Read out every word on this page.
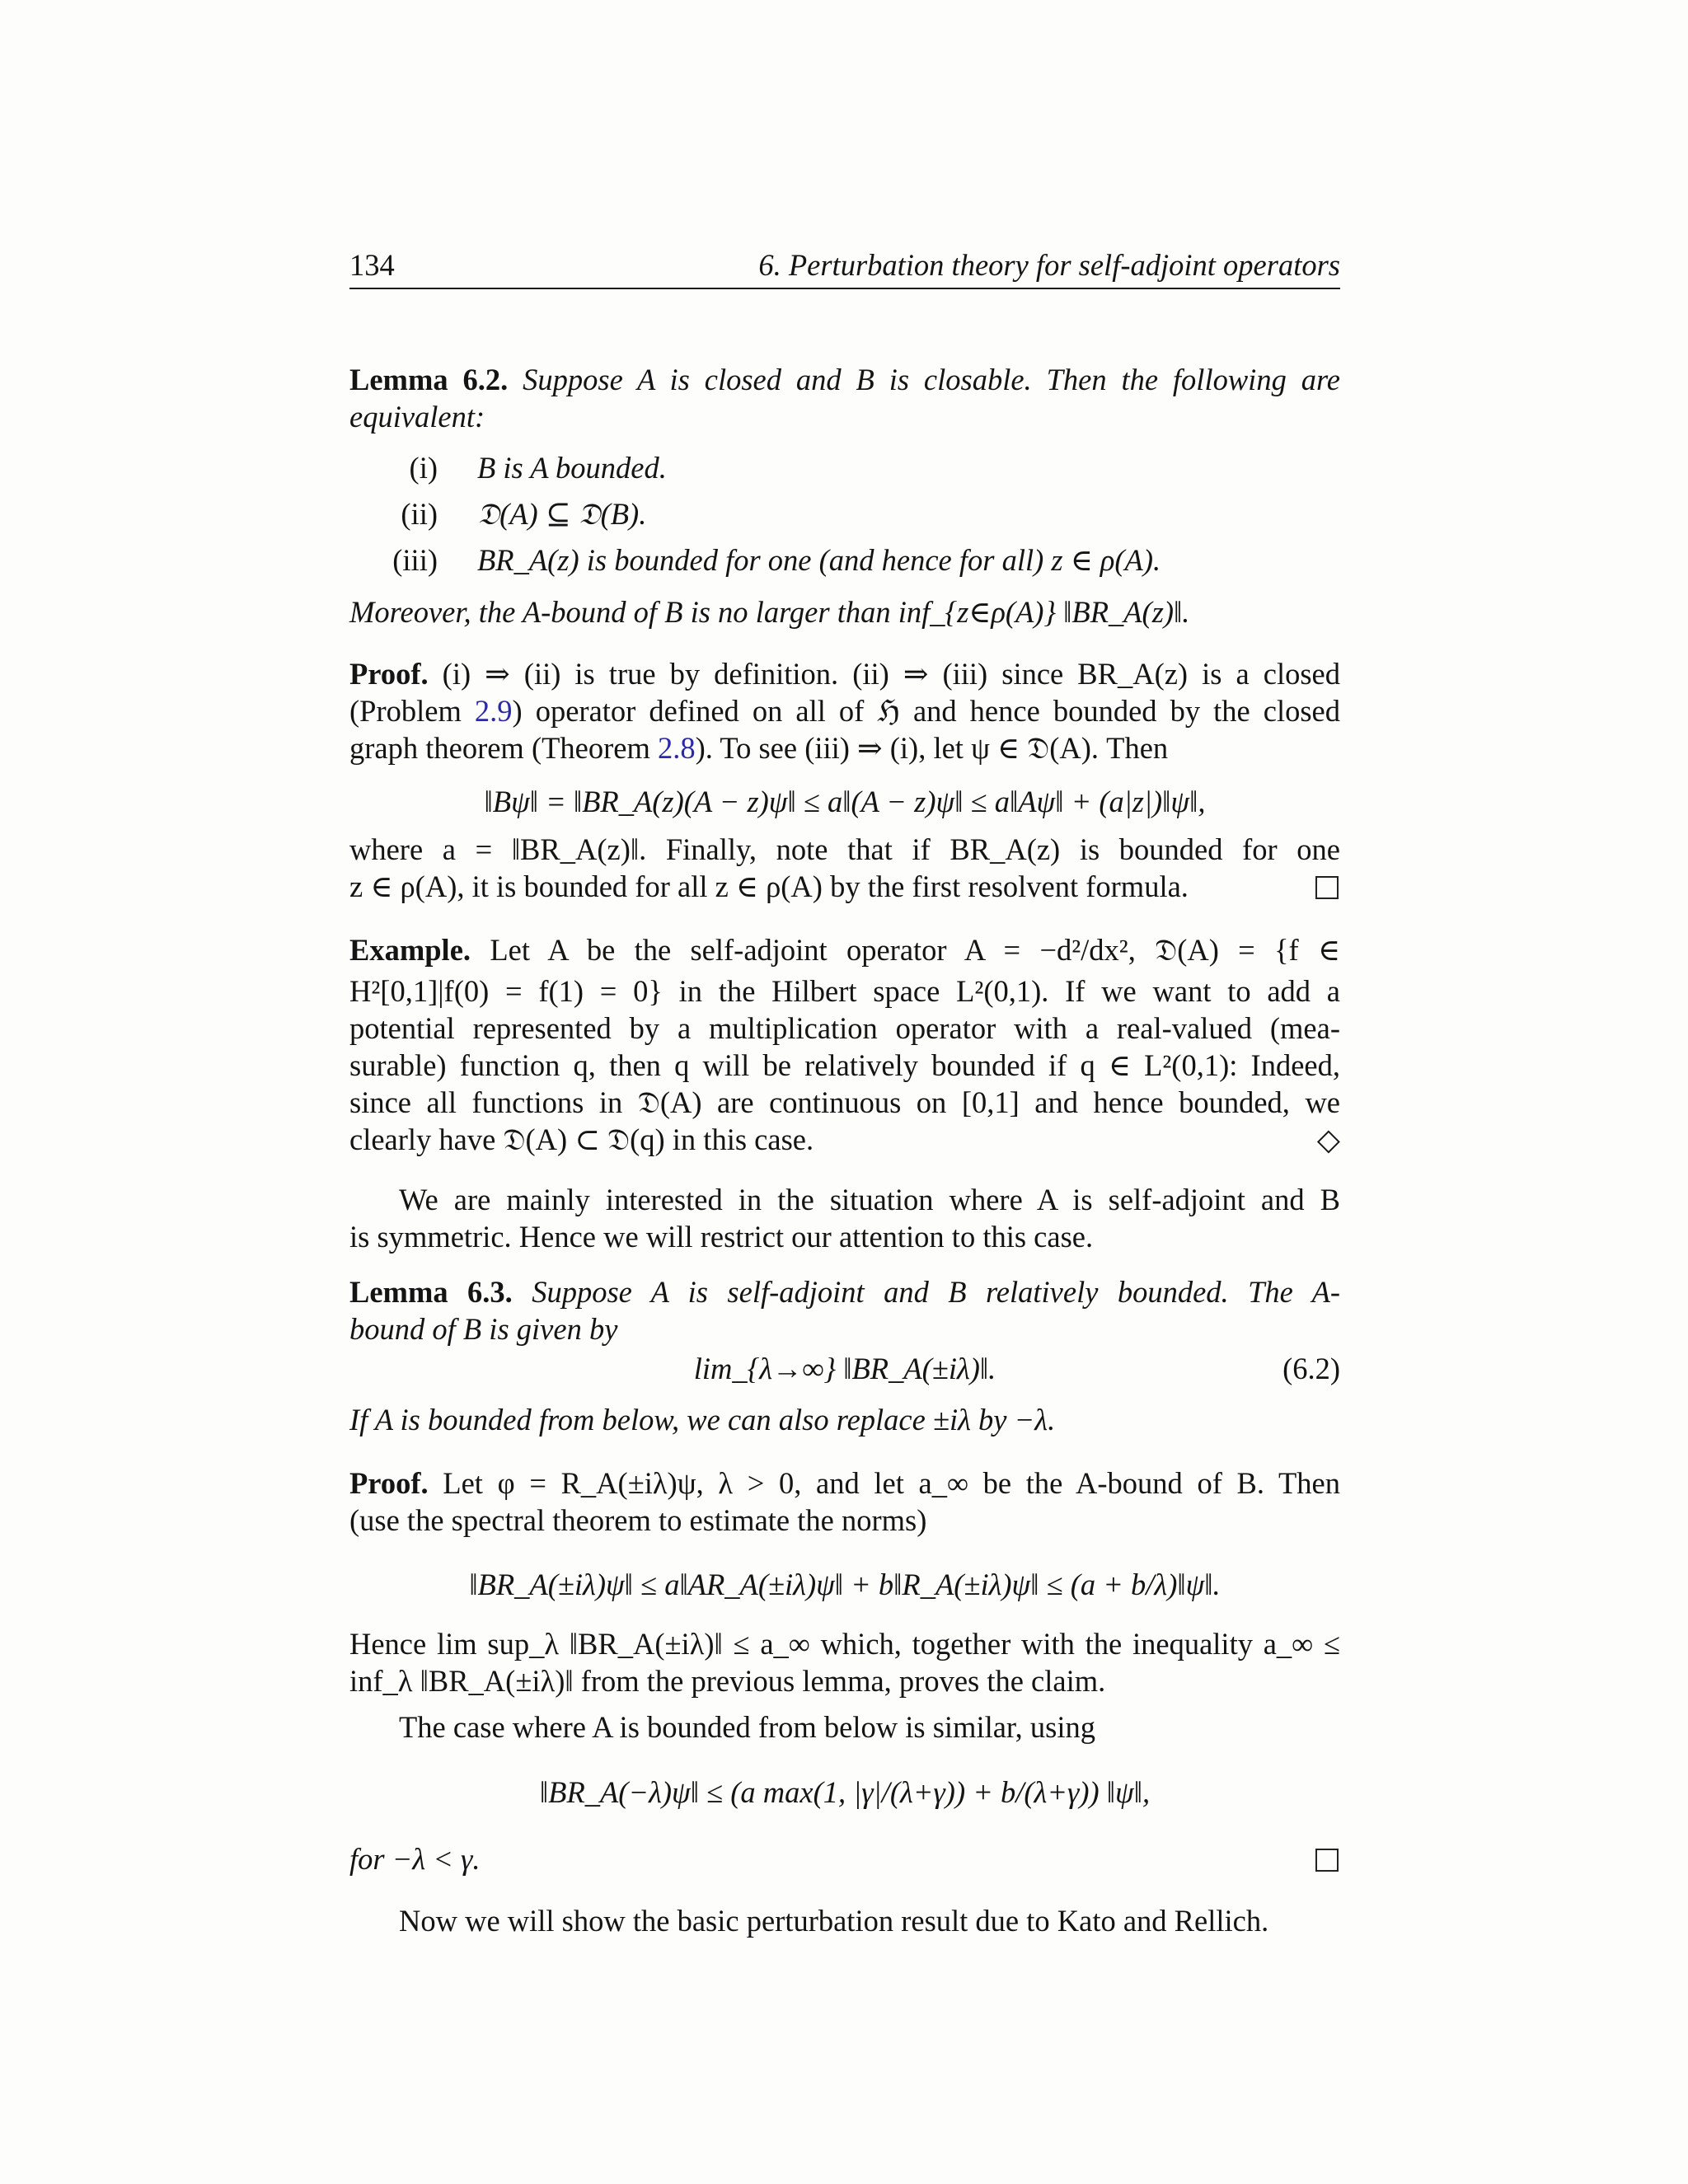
134	6. Perturbation theory for self-adjoint operators
Lemma 6.2. Suppose A is closed and B is closable. Then the following are
equivalent:
(i) B is A bounded.
(ii) 𝔇(A) ⊆ 𝔇(B).
(iii) BR_A(z) is bounded for one (and hence for all) z ∈ ρ(A).
Moreover, the A-bound of B is no larger than inf_{z∈ρ(A)} ‖BR_A(z)‖.
Proof. (i) ⇒ (ii) is true by definition. (ii) ⇒ (iii) since BR_A(z) is a closed
(Problem 2.9) operator defined on all of ℌ and hence bounded by the closed
graph theorem (Theorem 2.8). To see (iii) ⇒ (i), let ψ ∈ 𝔇(A). Then
‖Bψ‖ = ‖BR_A(z)(A − z)ψ‖ ≤ a‖(A − z)ψ‖ ≤ a‖Aψ‖ + (a|z|)‖ψ‖,
where a = ‖BR_A(z)‖. Finally, note that if BR_A(z) is bounded for one
z ∈ ρ(A), it is bounded for all z ∈ ρ(A) by the first resolvent formula.
Example. Let A be the self-adjoint operator A = −d²/dx², 𝔇(A) = {f ∈
H²[0,1]|f(0) = f(1) = 0} in the Hilbert space L²(0,1). If we want to add a
potential represented by a multiplication operator with a real-valued (mea-
surable) function q, then q will be relatively bounded if q ∈ L²(0,1): Indeed,
since all functions in 𝔇(A) are continuous on [0,1] and hence bounded, we
clearly have 𝔇(A) ⊂ 𝔇(q) in this case.	◇
We are mainly interested in the situation where A is self-adjoint and B
is symmetric. Hence we will restrict our attention to this case.
Lemma 6.3. Suppose A is self-adjoint and B relatively bounded. The A-
bound of B is given by
lim_{λ→∞} ‖BR_A(±iλ)‖.	(6.2)
If A is bounded from below, we can also replace ±iλ by −λ.
Proof. Let φ = R_A(±iλ)ψ, λ > 0, and let a_∞ be the A-bound of B. Then
(use the spectral theorem to estimate the norms)
‖BR_A(±iλ)ψ‖ ≤ a‖AR_A(±iλ)ψ‖ + b‖R_A(±iλ)ψ‖ ≤ (a + b/λ)‖ψ‖.
Hence lim sup_λ ‖BR_A(±iλ)‖ ≤ a_∞ which, together with the inequality a_∞ ≤
inf_λ ‖BR_A(±iλ)‖ from the previous lemma, proves the claim.
The case where A is bounded from below is similar, using
‖BR_A(−λ)ψ‖ ≤ (a max(1, |γ|/(λ+γ)) + b/(λ+γ)) ‖ψ‖,
for −λ < γ.
Now we will show the basic perturbation result due to Kato and Rellich.
